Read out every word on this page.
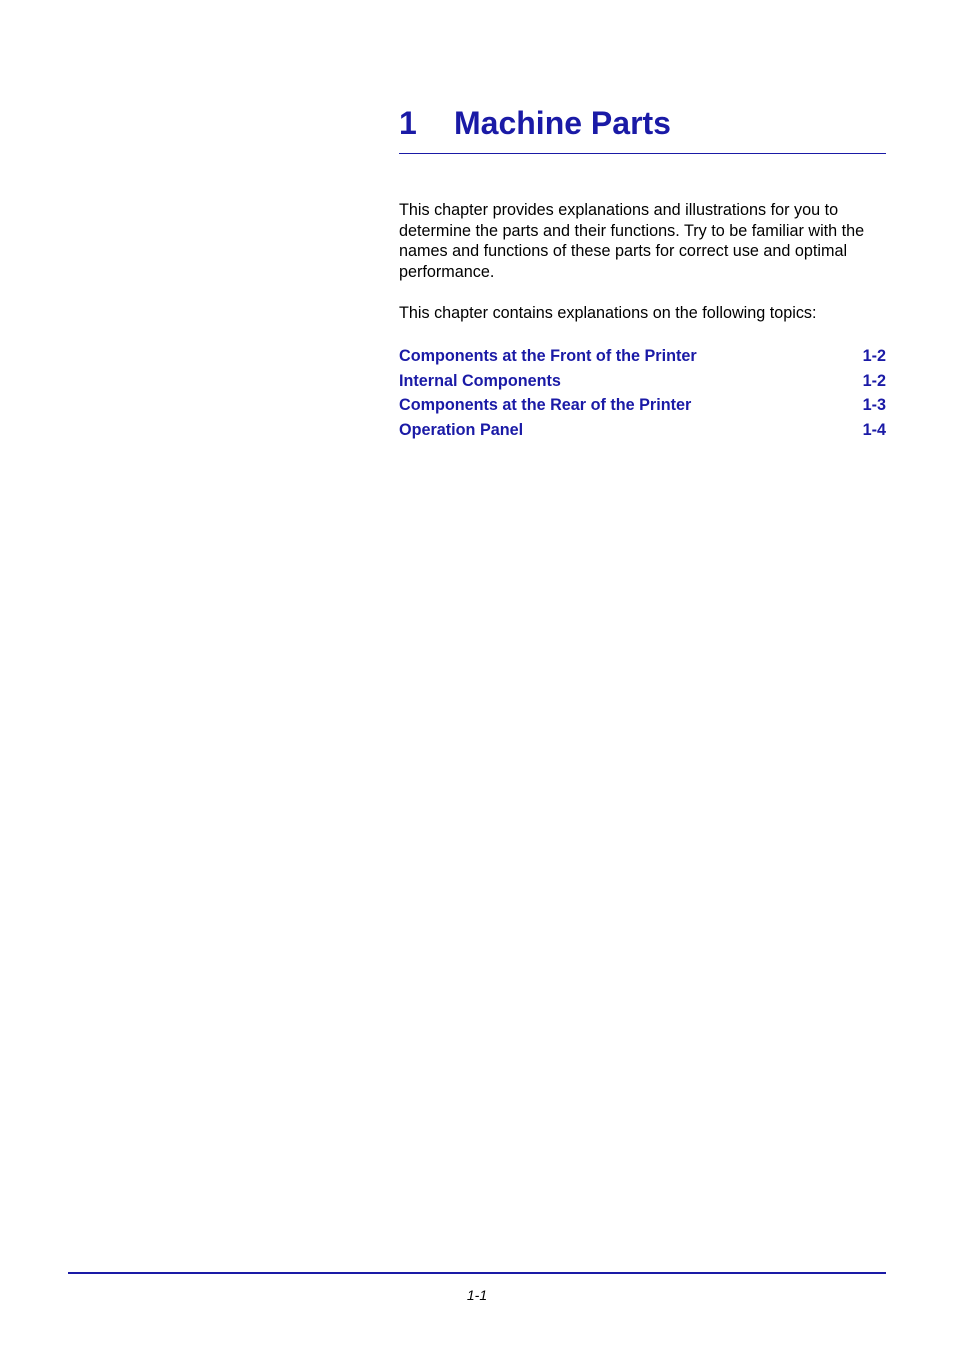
1 Machine Parts

This chapter provides explanations and illustrations for you to determine the parts and their functions. Try to be familiar with the names and functions of these parts for correct use and optimal performance.

This chapter contains explanations on the following topics:

Components at the Front of the Printer	1-2
Internal Components	1-2
Components at the Rear of the Printer	1-3
Operation Panel	1-4
1-1
